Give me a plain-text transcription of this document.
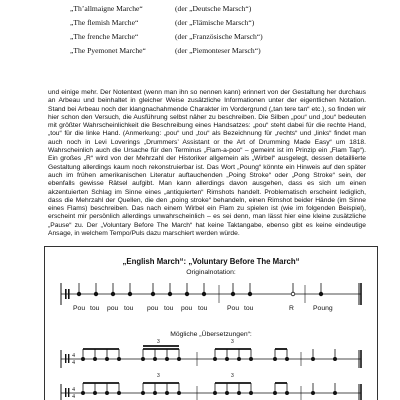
„Th’allmaigne Marche“	(der „Deutsche Marsch“)
„The flemish Marche“	(der „Flämische Marsch“)
„The frenche Marche“	(der „Französische Marsch“)
„The Pyemonet Marche“	(der „Piemonteser Marsch“)

und einige mehr. Der Notentext (wenn man ihn so nennen kann) erinnert von der Gestaltung her durchaus an Arbeau und beinhaltet in gleicher Weise zusätzliche Informationen unter der eigentlichen Notation. Stand bei Arbeau noch der klangnachahmende Charakter im Vordergrund („tan tere tan“ etc.), so finden wir hier schon den Versuch, die Ausführung selbst näher zu beschreiben. Die Silben „pou“ und „tou“ bedeuten mit größter Wahrscheinlichkeit die Beschreibung eines Handsatzes: „pou“ steht dabei für die rechte Hand, „tou“ für die linke Hand. (Anmerkung: „pou“ und „tou“ als Bezeichnung für „rechts“ und „links“ findet man auch noch in Levi Loverings „Drummers’ Assistant or the Art of Drumming Made Easy“ um 1818. Wahrscheinlich auch die Ursache für den Terminus „Flam-a-poo“ – gemeint ist im Prinzip ein „Flam Tap“). Ein großes „R“ wird von der Mehrzahl der Historiker allgemein als „Wirbel“ ausgelegt, dessen detaillierte Gestaltung allerdings kaum noch rekonstruierbar ist. Das Wort „Poung“ könnte ein Hinweis auf den später auch im frühen amerikanischen Literatur auftauchenden „Poing Stroke“ oder „Pong Stroke“ sein, der ebenfalls gewisse Rätsel aufgibt. Man kann allerdings davon ausgehen, dass es sich um einen akzentuierten Schlag im Sinne eines „antiquierten“ Rimshots handelt. Problematisch erscheint lediglich, dass die Mehrzahl der Quellen, die den „poing stroke“ behandeln, einen Rimshot beider Hände (im Sinne eines Flams) beschreiben. Das nach einem Wirbel ein Flam zu spielen ist (wie im folgenden Beispiel), erscheint mir persönlich allerdings unwahrscheinlich – es sei denn, man lässt hier eine kleine zusätzliche „Pause“ zu. Der „Voluntary Before The March“ hat keine Taktangabe, ebenso gibt es keine eindeutige Ansage, in welchem Tempo/Puls dazu marschiert werden würde.

4
4
3	3
4
4
3	3
„English March“: „Voluntary Before The March“
Originalnotation:
Mögliche „Übersetzungen“:
Pou tou pou tou pou tou pou tou	Pou tou	R	Poung
